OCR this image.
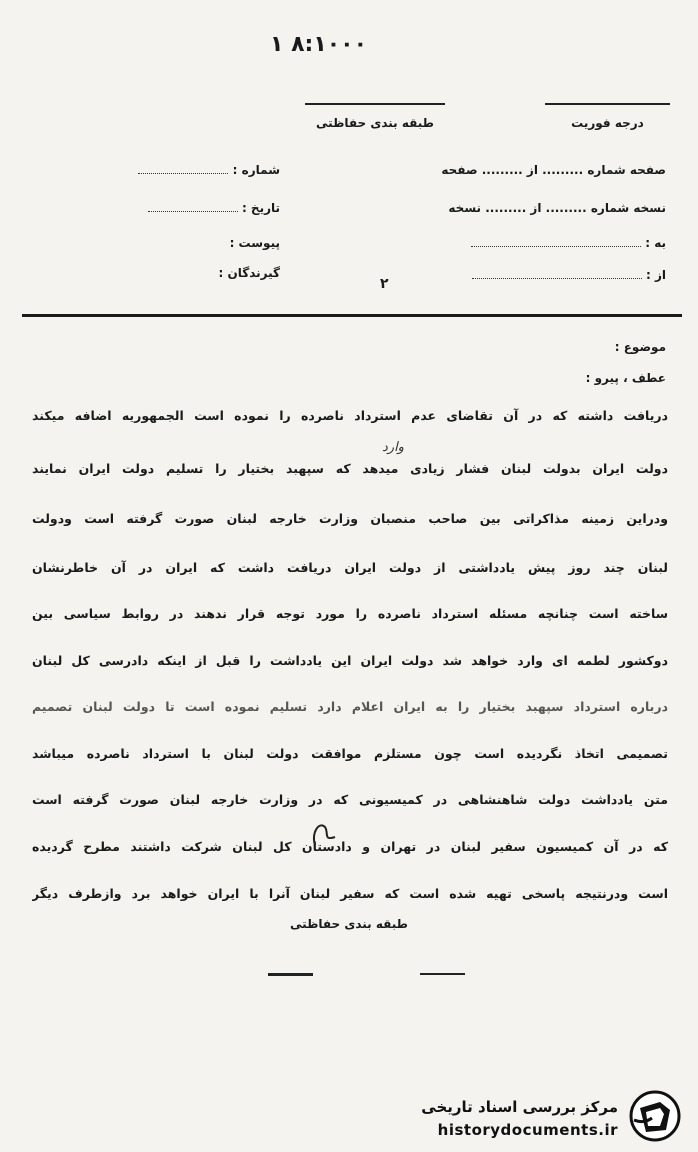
۱ ۸:۱۰۰۰
طبقه بندی حفاظتی	درجه فوریت
صفحه شماره ......... از ......... صفحه
نسخه شماره ......... از ......... نسخه
به :
از :
شماره :
تاریخ :
پیوست :
گیرندگان :
۲
موضوع :
عطف ، پیرو :
وارد
دریافت داشته که در آن تقاضای عدم استرداد ناصرده را نموده است الجمهوریه اضافه میکند
دولت ایران بدولت لبنان فشار زیادی میدهد که سپهبد بختیار را تسلیم دولت ایران نمایند
ودراین زمینه مذاکراتی بین صاحب منصبان وزارت خارجه لبنان صورت گرفته است ودولت
لبنان چند روز پیش یادداشتی از دولت ایران دریافت داشت که ایران در آن خاطرنشان
ساخته است چنانچه مسئله استرداد ناصرده را مورد توجه قرار ندهند در روابط سیاسی بین
دوکشور لطمه ای وارد خواهد شد دولت ایران این یادداشت را قبل از اینکه دادرسی کل لبنان
درباره استرداد سپهبد بختیار را به ایران اعلام دارد تسلیم نموده است تا دولت لبنان تصمیم
تصمیمی اتخاذ نگردیده است چون مستلزم موافقت دولت لبنان با استرداد ناصرده میباشد
متن یادداشت دولت شاهنشاهی در کمیسیونی که در وزارت خارجه لبنان صورت گرفته است
که در آن کمیسیون سفیر لبنان در تهران و دادستان کل لبنان شرکت داشتند مطرح گردیده
است ودرنتیجه پاسخی تهیه شده است که سفیر لبنان آنرا با ایران خواهد برد وازطرف دیگر
طبقه بندی حفاظتی
مرکز بررسی اسناد تاریخی
historydocuments.ir
